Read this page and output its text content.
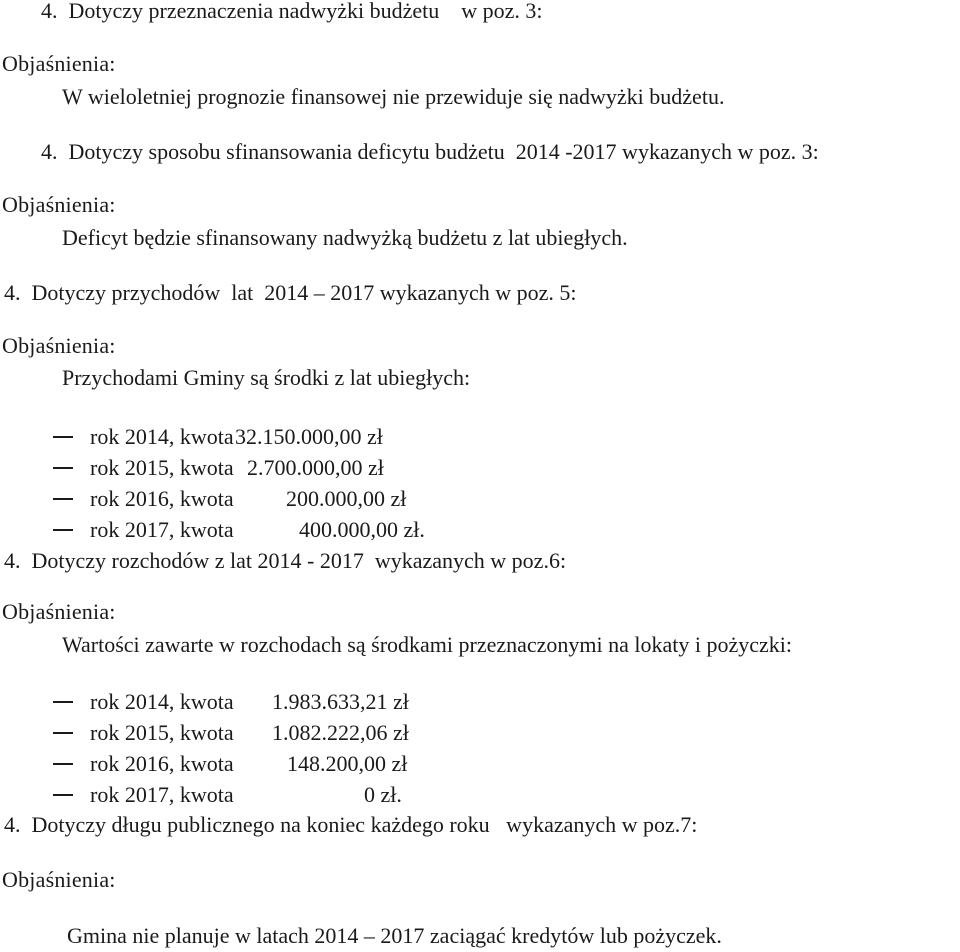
4.  Dotyczy przeznaczenia nadwyżki budżetu    w poz. 3:
Objaśnienia:
W wieloletniej prognozie finansowej nie przewiduje się nadwyżki budżetu.
4.  Dotyczy sposobu sfinansowania deficytu budżetu  2014 -2017 wykazanych w poz. 3:
Objaśnienia:
Deficyt będzie sfinansowany nadwyżką budżetu z lat ubiegłych.
4.  Dotyczy przychodów  lat  2014 – 2017 wykazanych w poz. 5:
Objaśnienia:
Przychodami Gminy są środki z lat ubiegłych:

rok 2014, kwota 32.150.000,00 zł

rok 2015, kwota 2.700.000,00 zł

rok 2016, kwota 200.000,00 zł

rok 2017, kwota	400.000,00 zł.

4.  Dotyczy rozchodów z lat 2014 - 2017  wykazanych w poz.6:
Objaśnienia:
Wartości zawarte w rozchodach są środkami przeznaczonymi na lokaty i pożyczki:

rok 2014, kwota 1.983.633,21 zł

rok 2015, kwota 1.082.222,06 zł

rok 2016, kwota 148.200,00 zł

rok 2017, kwota	0 zł.

4.  Dotyczy długu publicznego na koniec każdego roku   wykazanych w poz.7:
Objaśnienia:
Gmina nie planuje w latach 2014 – 2017 zaciągać kredytów lub pożyczek.
